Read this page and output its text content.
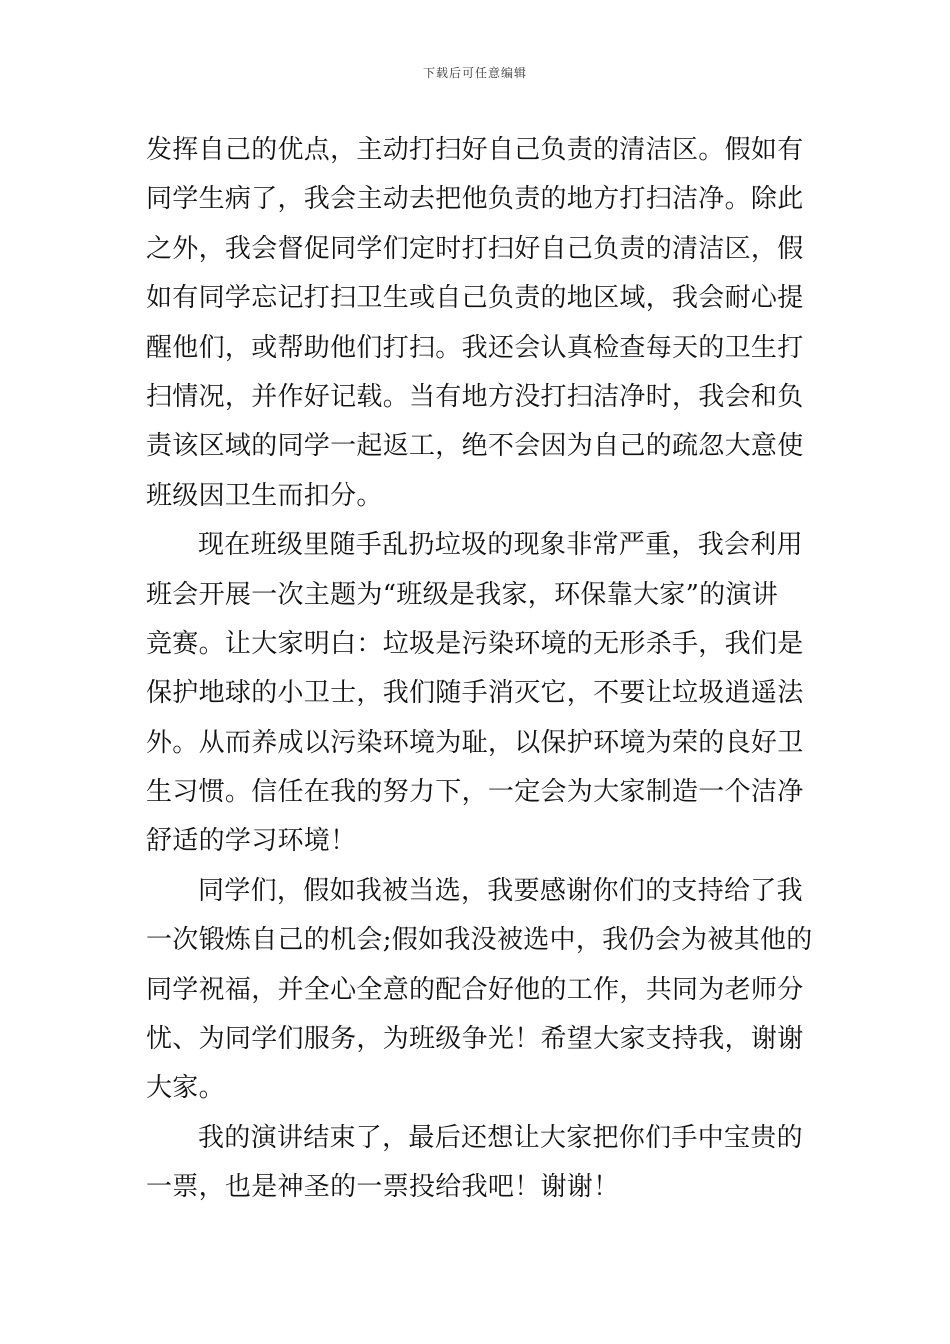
下载后可任意编辑
发挥自己的优点，主动打扫好自己负责的清洁区。假如有
同学生病了，我会主动去把他负责的地方打扫洁净。除此
之外，我会督促同学们定时打扫好自己负责的清洁区，假
如有同学忘记打扫卫生或自己负责的地区域，我会耐心提
醒他们，或帮助他们打扫。我还会认真检查每天的卫生打
扫情况，并作好记载。当有地方没打扫洁净时，我会和负
责该区域的同学一起返工，绝不会因为自己的疏忽大意使
班级因卫生而扣分。
现在班级里随手乱扔垃圾的现象非常严重，我会利用
班会开展一次主题为“班级是我家，环保靠大家”的演讲
竞赛。让大家明白：垃圾是污染环境的无形杀手，我们是
保护地球的小卫士，我们随手消灭它，不要让垃圾逍遥法
外。从而养成以污染环境为耻，以保护环境为荣的良好卫
生习惯。信任在我的努力下，一定会为大家制造一个洁净
舒适的学习环境！
同学们，假如我被当选，我要感谢你们的支持给了我
一次锻炼自己的机会;假如我没被选中，我仍会为被其他的
同学祝福，并全心全意的配合好他的工作，共同为老师分
忧、为同学们服务，为班级争光！希望大家支持我，谢谢
大家。
我的演讲结束了，最后还想让大家把你们手中宝贵的
一票，也是神圣的一票投给我吧！谢谢！
